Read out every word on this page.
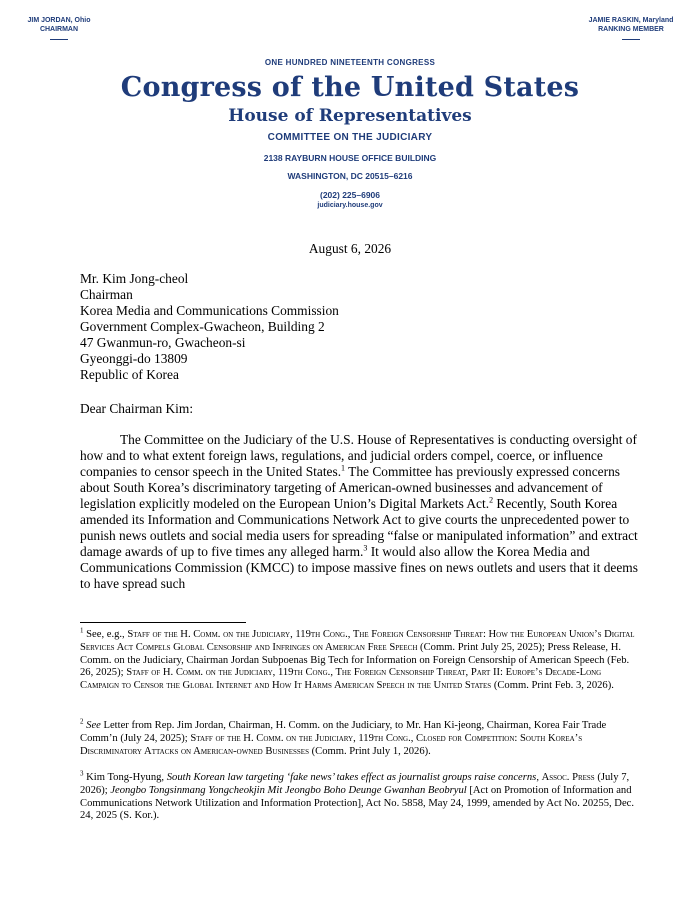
JIM JORDAN, Ohio
CHAIRMAN
JAMIE RASKIN, Maryland
RANKING MEMBER
ONE HUNDRED NINETEENTH CONGRESS
Congress of the United States
House of Representatives
COMMITTEE ON THE JUDICIARY
2138 RAYBURN HOUSE OFFICE BUILDING
WASHINGTON, DC 20515–6216
(202) 225–6906
judiciary.house.gov
August 6, 2026
Mr. Kim Jong-cheol
Chairman
Korea Media and Communications Commission
Government Complex-Gwacheon, Building 2
47 Gwanmun-ro, Gwacheon-si
Gyeonggi-do 13809
Republic of Korea
Dear Chairman Kim:
The Committee on the Judiciary of the U.S. House of Representatives is conducting oversight of how and to what extent foreign laws, regulations, and judicial orders compel, coerce, or influence companies to censor speech in the United States.$^1$ The Committee has previously expressed concerns about South Korea’s discriminatory targeting of American-owned businesses and advancement of legislation explicitly modeled on the European Union’s Digital Markets Act.$^2$ Recently, South Korea amended its Information and Communications Network Act to give courts the unprecedented power to punish news outlets and social media users for spreading “false or manipulated information” and extract damage awards of up to five times any alleged harm.$^3$ It would also allow the Korea Media and Communications Commission (KMCC) to impose massive fines on news outlets and users that it deems to have spread such
$^1$ See, e.g., Staff of the H. Comm. on the Judiciary, 119th Cong., The Foreign Censorship Threat: How the European Union’s Digital Services Act Compels Global Censorship and Infringes on American Free Speech (Comm. Print July 25, 2025); Press Release, H. Comm. on the Judiciary, Chairman Jordan Subpoenas Big Tech for Information on Foreign Censorship of American Speech (Feb. 26, 2025); Staff of H. Comm. on the Judiciary, 119th Cong., The Foreign Censorship Threat, Part II: Europe’s Decade-Long Campaign to Censor the Global Internet and How It Harms American Speech in the United States (Comm. Print Feb. 3, 2026).
$^2$ See Letter from Rep. Jim Jordan, Chairman, H. Comm. on the Judiciary, to Mr. Han Ki-jeong, Chairman, Korea Fair Trade Comm’n (July 24, 2025); Staff of the H. Comm. on the Judiciary, 119th Cong., Closed for Competition: South Korea’s Discriminatory Attacks on American-owned Businesses (Comm. Print July 1, 2026).
$^3$ Kim Tong-Hyung, South Korean law targeting ‘fake news’ takes effect as journalist groups raise concerns, Assoc. Press (July 7, 2026); Jeongbo Tongsinmang Yongcheokjin Mit Jeongbo Boho Deunge Gwanhan Beobryul [Act on Promotion of Information and Communications Network Utilization and Information Protection], Act No. 5858, May 24, 1999, amended by Act No. 20255, Dec. 24, 2025 (S. Kor.).
